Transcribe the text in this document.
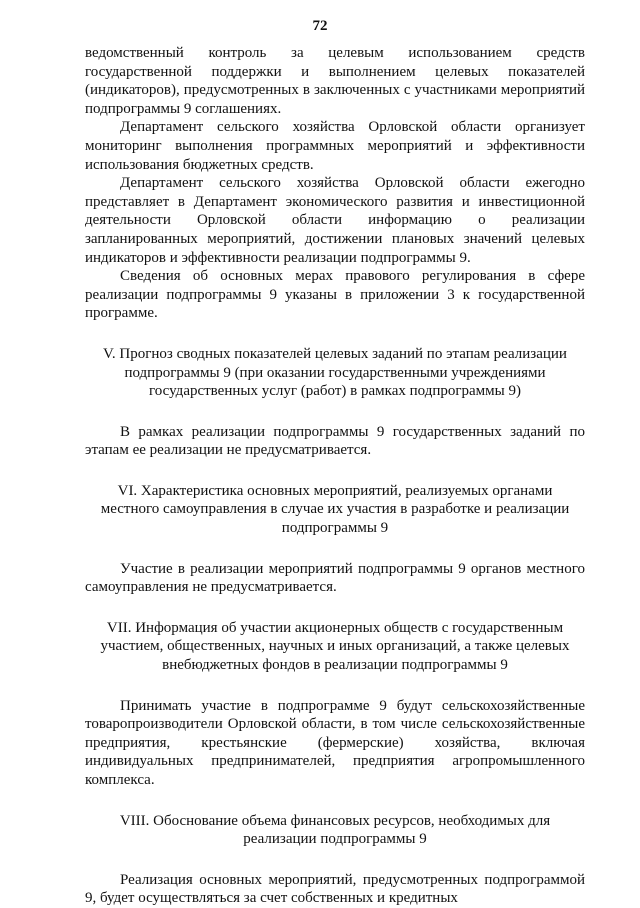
72

ведомственный контроль за целевым использованием средств государственной поддержки и выполнением целевых показателей (индикаторов), предусмотренных в заключенных с участниками мероприятий подпрограммы 9 соглашениях.

Департамент сельского хозяйства Орловской области организует мониторинг выполнения программных мероприятий и эффективности использования бюджетных средств.

Департамент сельского хозяйства Орловской области ежегодно представляет в Департамент экономического развития и инвестиционной деятельности Орловской области информацию о реализации запланированных мероприятий, достижении плановых значений целевых индикаторов и эффективности реализации подпрограммы 9.

Сведения об основных мерах правового регулирования в сфере реализации подпрограммы 9 указаны в приложении 3 к государственной программе.

V. Прогноз сводных показателей целевых заданий по этапам реализации подпрограммы 9 (при оказании государственными учреждениями государственных услуг (работ) в рамках подпрограммы 9)

В рамках реализации подпрограммы 9 государственных заданий по этапам ее реализации не предусматривается.

VI. Характеристика основных мероприятий, реализуемых органами местного самоуправления в случае их участия в разработке и реализации подпрограммы 9

Участие в реализации мероприятий подпрограммы 9 органов местного самоуправления не предусматривается.

VII. Информация об участии акционерных обществ с государственным участием, общественных, научных и иных организаций, а также целевых внебюджетных фондов в реализации подпрограммы 9

Принимать участие в подпрограмме 9 будут сельскохозяйственные товаропроизводители Орловской области, в том числе сельскохозяйственные предприятия, крестьянские (фермерские) хозяйства, включая индивидуальных предпринимателей, предприятия агропромышленного комплекса.

VIII. Обоснование объема финансовых ресурсов, необходимых для реализации подпрограммы 9

Реализация основных мероприятий, предусмотренных подпрограммой 9, будет осуществляться за счет собственных и кредитных
